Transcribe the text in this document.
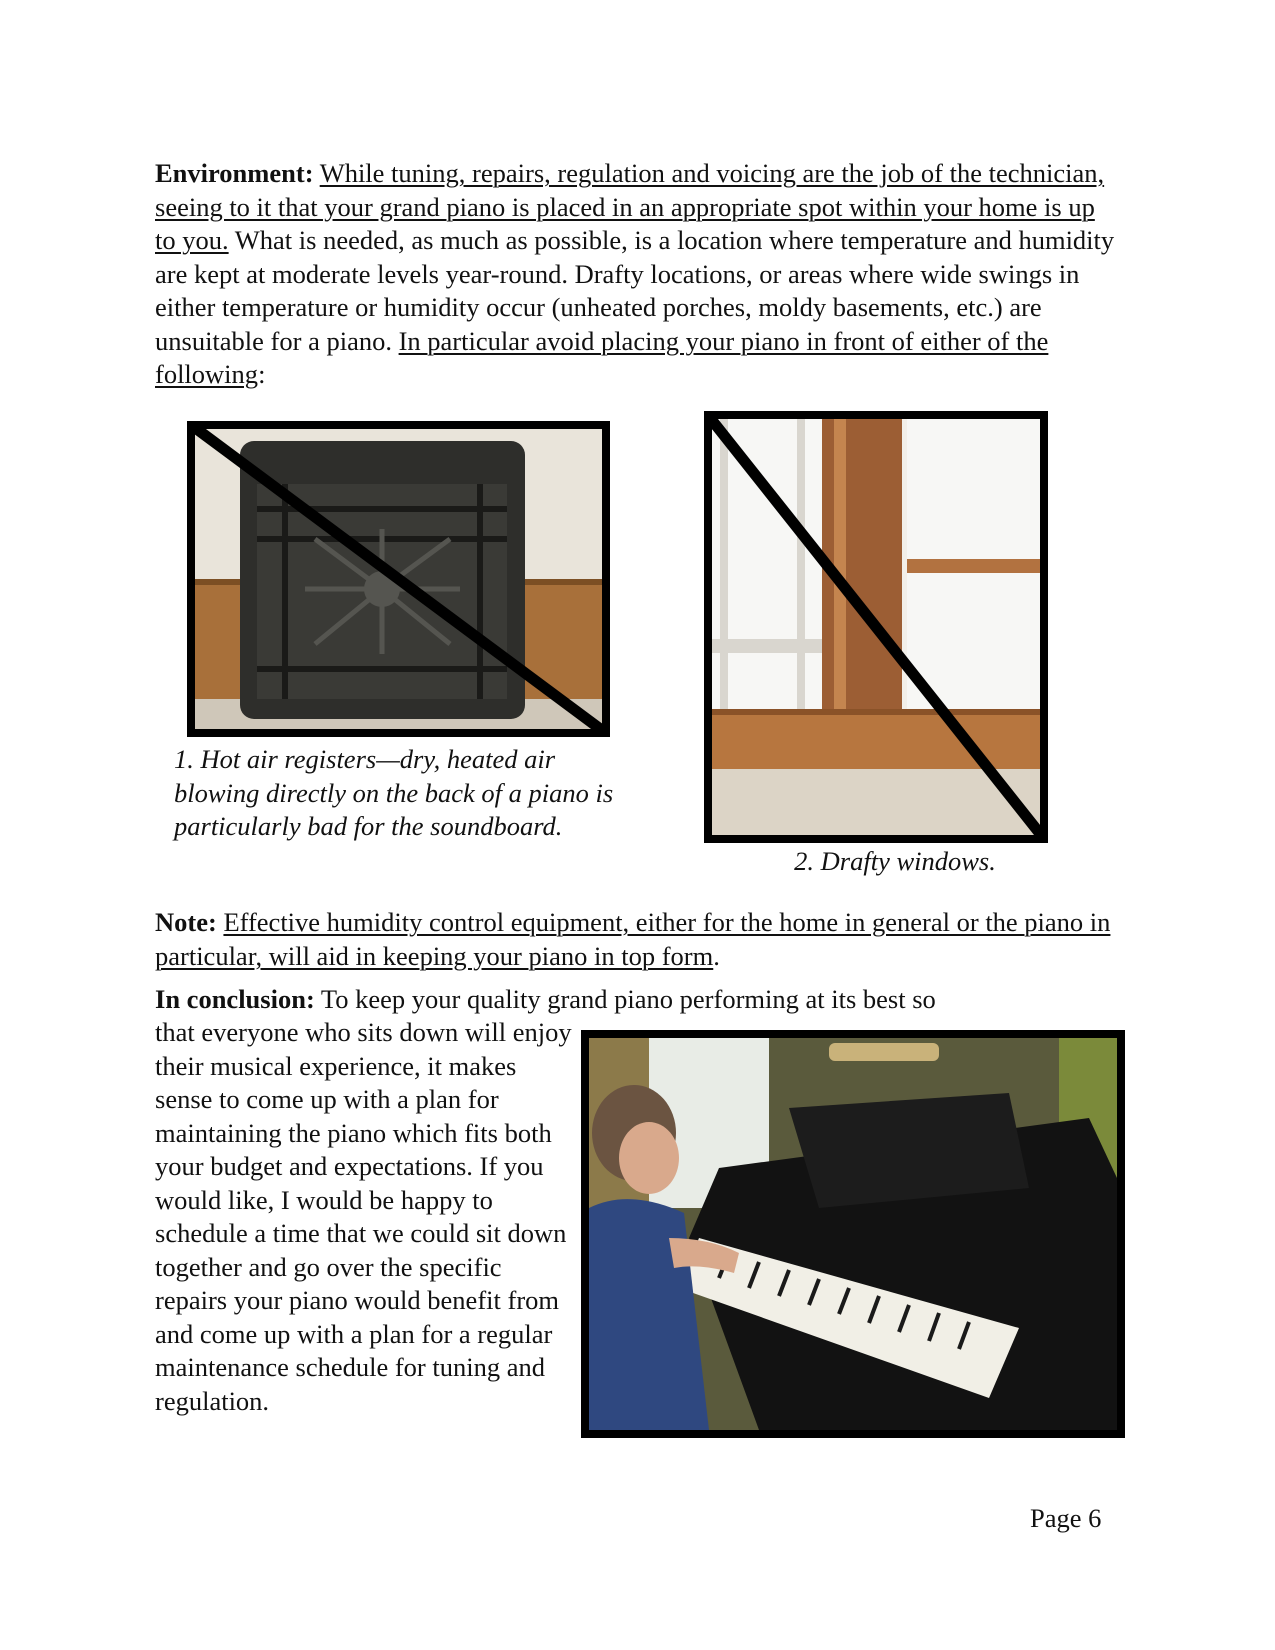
Environment: While tuning, repairs, regulation and voicing are the job of the technician, seeing to it that your grand piano is placed in an appropriate spot within your home is up to you. What is needed, as much as possible, is a location where temperature and humidity are kept at moderate levels year-round. Drafty locations, or areas where wide swings in either temperature or humidity occur (unheated porches, moldy basements, etc.) are unsuitable for a piano. In particular avoid placing your piano in front of either of the following:

1. Hot air registers—dry, heated air blowing directly on the back of a piano is particularly bad for the soundboard.

2. Drafty windows.

Note: Effective humidity control equipment, either for the home in general or the piano in particular, will aid in keeping your piano in top form.

In conclusion: To keep your quality grand piano performing at its best so

that everyone who sits down will enjoy their musical experience, it makes sense to come up with a plan for maintaining the piano which fits both your budget and expectations. If you would like, I would be happy to schedule a time that we could sit down together and go over the specific repairs your piano would benefit from and come up with a plan for a regular maintenance schedule for tuning and regulation.

Page 6
